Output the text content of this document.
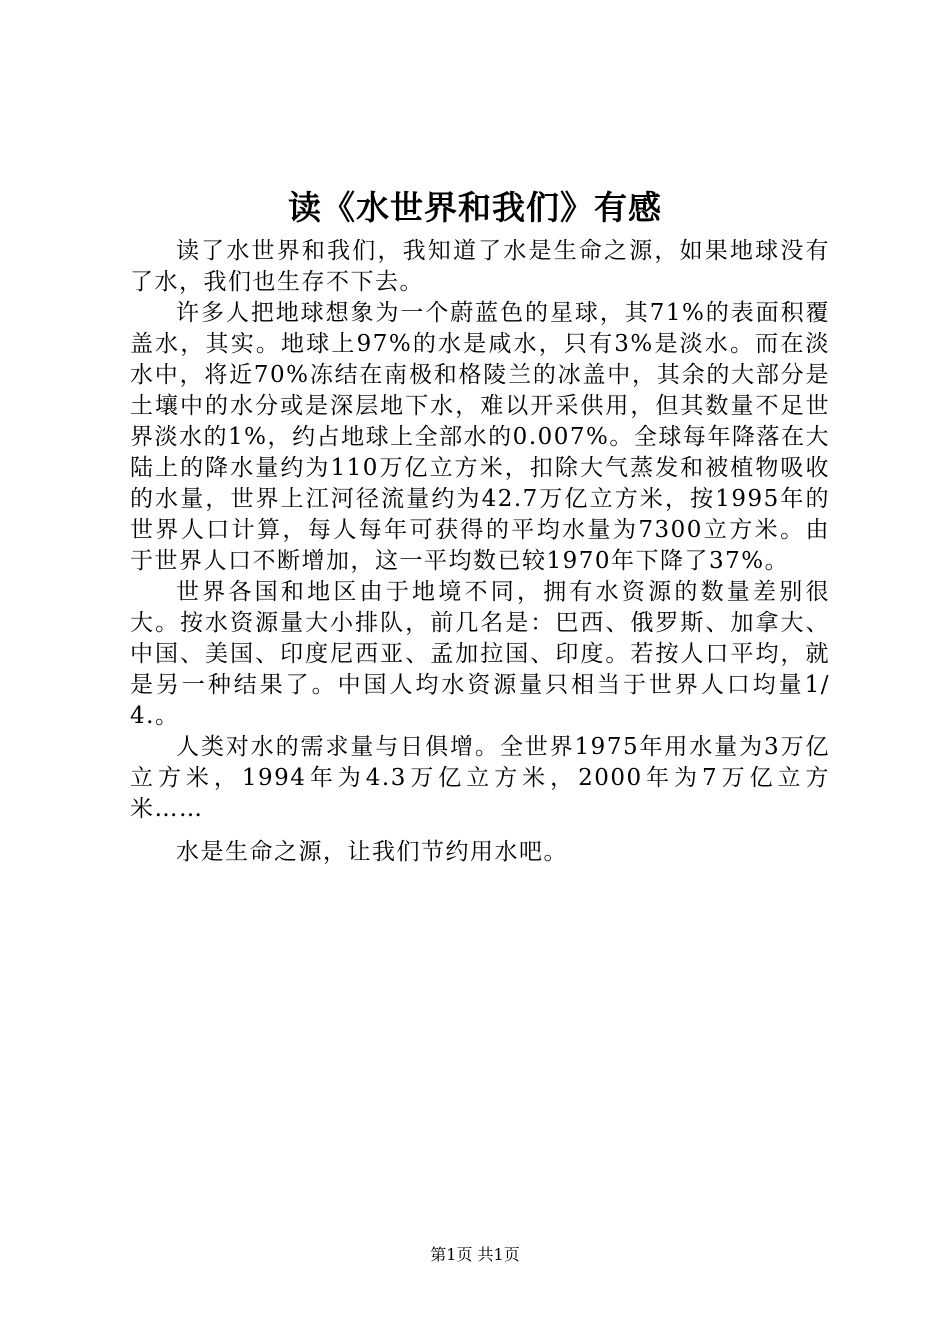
读《水世界和我们》有感

读了水世界和我们，我知道了水是生命之源，如果地球没有了水，我们也生存不下去。

许多人把地球想象为一个蔚蓝色的星球，其71%的表面积覆盖水，其实。地球上97%的水是咸水，只有3%是淡水。而在淡水中，将近70%冻结在南极和格陵兰的冰盖中，其余的大部分是土壤中的水分或是深层地下水，难以开采供用，但其数量不足世界淡水的1%，约占地球上全部水的0.007%。全球每年降落在大陆上的降水量约为110万亿立方米，扣除大气蒸发和被植物吸收的水量，世界上江河径流量约为42.7万亿立方米，按1995年的世界人口计算，每人每年可获得的平均水量为7300立方米。由于世界人口不断增加，这一平均数已较1970年下降了37%。

世界各国和地区由于地境不同，拥有水资源的数量差别很大。按水资源量大小排队，前几名是：巴西、俄罗斯、加拿大、中国、美国、印度尼西亚、孟加拉国、印度。若按人口平均，就是另一种结果了。中国人均水资源量只相当于世界人口均量1/4.。

人类对水的需求量与日俱增。全世界1975年用水量为3万亿立方米，1994年为4.3万亿立方米，2000年为7万亿立方米……

水是生命之源，让我们节约用水吧。

第1页 共1页
